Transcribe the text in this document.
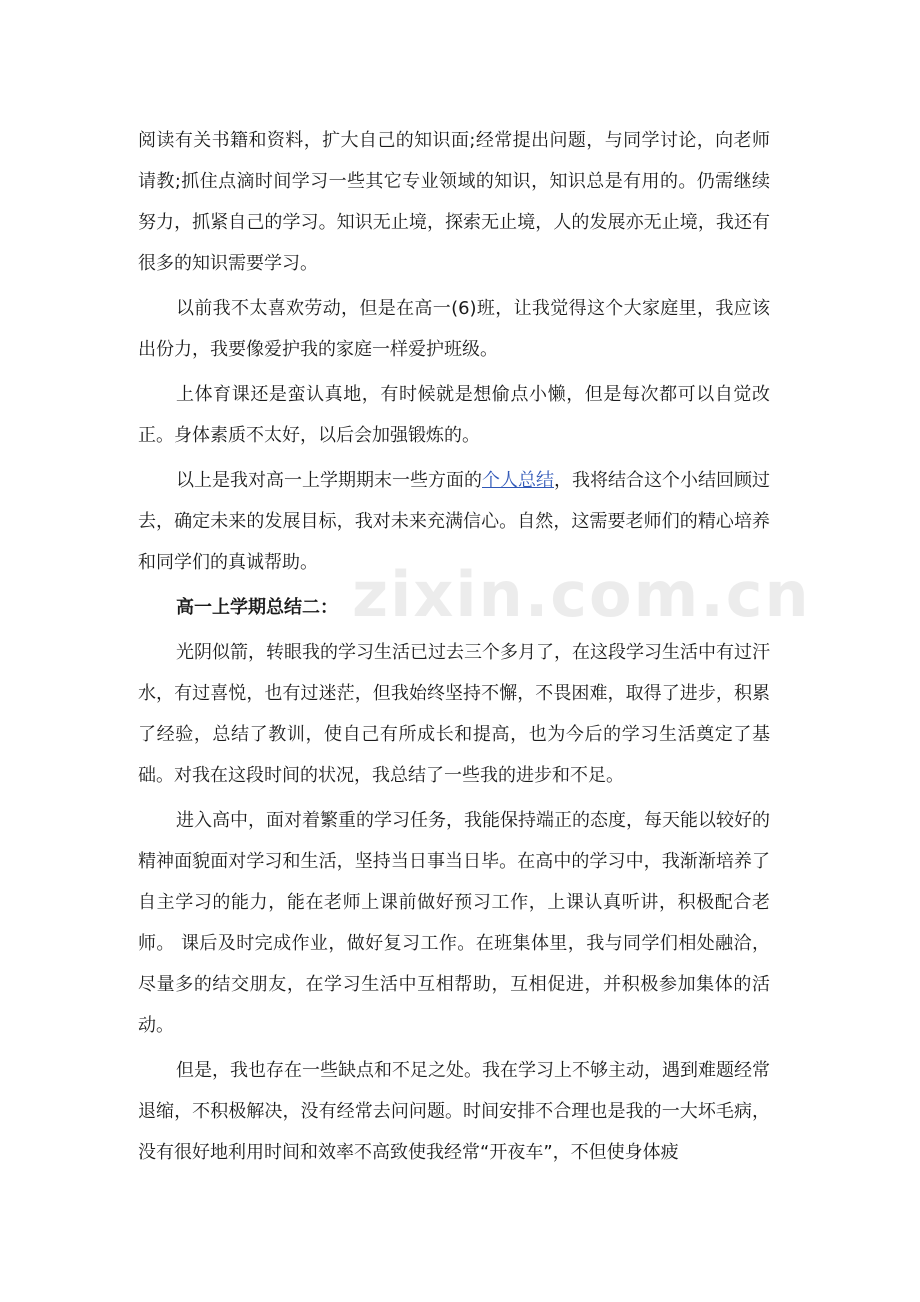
zixin.com.cn

阅读有关书籍和资料，扩大自己的知识面;经常提出问题，与同学讨论，向老师请教;抓住点滴时间学习一些其它专业领域的知识，知识总是有用的。仍需继续努力，抓紧自己的学习。知识无止境，探索无止境，人的发展亦无止境，我还有很多的知识需要学习。

以前我不太喜欢劳动，但是在高一(6)班，让我觉得这个大家庭里，我应该出份力，我要像爱护我的家庭一样爱护班级。

上体育课还是蛮认真地，有时候就是想偷点小懒，但是每次都可以自觉改正。身体素质不太好，以后会加强锻炼的。

以上是我对高一上学期期末一些方面的个人总结，我将结合这个小结回顾过去，确定未来的发展目标，我对未来充满信心。自然，这需要老师们的精心培养和同学们的真诚帮助。

高一上学期总结二：

光阴似箭，转眼我的学习生活已过去三个多月了，在这段学习生活中有过汗水，有过喜悦，也有过迷茫，但我始终坚持不懈，不畏困难，取得了进步，积累了经验，总结了教训，使自己有所成长和提高，也为今后的学习生活奠定了基础。对我在这段时间的状况，我总结了一些我的进步和不足。

进入高中，面对着繁重的学习任务，我能保持端正的态度，每天能以较好的精神面貌面对学习和生活，坚持当日事当日毕。在高中的学习中，我渐渐培养了自主学习的能力，能在老师上课前做好预习工作，上课认真听讲，积极配合老师。 课后及时完成作业，做好复习工作。在班集体里，我与同学们相处融洽，尽量多的结交朋友，在学习生活中互相帮助，互相促进，并积极参加集体的活动。

但是，我也存在一些缺点和不足之处。我在学习上不够主动，遇到难题经常退缩，不积极解决，没有经常去问问题。时间安排不合理也是我的一大坏毛病，没有很好地利用时间和效率不高致使我经常“开夜车”，不但使身体疲
